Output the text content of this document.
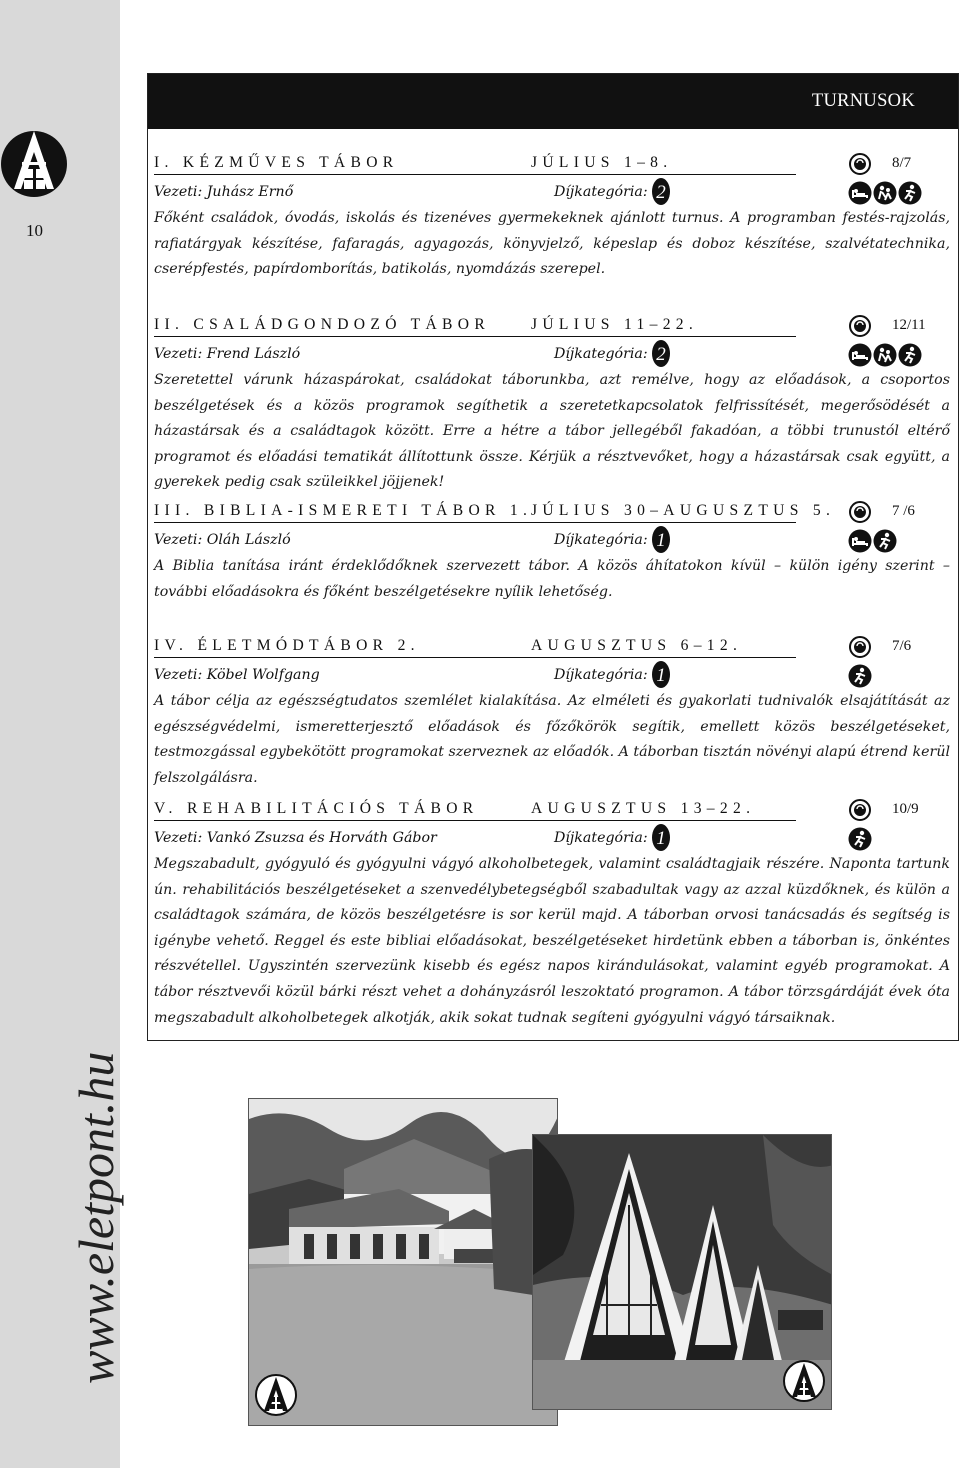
10
www.eletpont.hu
TURNUSOK
I. KÉZMŰVES TÁBOR	JÚLIUS 1–8.	8/7
Vezeti: Juhász Ernő	Díjkategória: 2

Főként családok, óvodás, iskolás és tizenéves gyermekeknek ajánlott turnus. A programban festés-rajzolás, rafiatárgyak készítése, fafaragás, agyagozás, könyvjelző, képeslap és doboz készítése, szalvétatechnika, cserépfestés, papírdomborítás, batikolás, nyomdázás szerepel.

II. CSALÁDGONDOZÓ TÁBOR	JÚLIUS 11–22.	12/11
Vezeti: Frend László	Díjkategória: 2

Szeretettel várunk házaspárokat, családokat táborunkba, azt remélve, hogy az előadások, a csoportos beszélgetések és a közös programok segíthetik a szeretetkapcsolatok felfrissítését, megerősödését a házastársak és a családtagok között. Erre a hétre a tábor jellegéből fakadóan, a többi trunustól eltérő programot és előadási tematikát állítottunk össze. Kérjük a résztvevőket, hogy a házastársak csak együtt, a gyerekek pedig csak szüleikkel jöjjenek!

III. BIBLIA-ISMERETI TÁBOR 1.
JÚLIUS 30–AUGUSZTUS 5.	7 /6
Vezeti: Oláh László	Díjkategória: 1

A Biblia tanítása iránt érdeklődőknek szervezett tábor. A közös áhítatokon kívül – külön igény szerint – további előadásokra és főként beszélgetésekre nyílik lehetőség.

IV. ÉLETMÓDTÁBOR 2.	AUGUSZTUS 6–12.	7/6
Vezeti: Köbel Wolfgang	Díjkategória: 1

A tábor célja az egészségtudatos szemlélet kialakítása. Az elméleti és gyakorlati tudnivalók elsajátítását az egészségvédelmi, ismeretterjesztő előadások és főzőkörök segítik, emellett közös beszélgetéseket, testmozgással egybekötött programokat szerveznek az előadók. A táborban tisztán növényi alapú étrend kerül felszolgálásra.

V. REHABILITÁCIÓS TÁBOR	AUGUSZTUS 13–22.	10/9
Vezeti: Vankó Zsuzsa és Horváth Gábor	Díjkategória: 1

Megszabadult, gyógyuló és gyógyulni vágyó alkoholbetegek, valamint családtagjaik részére. Naponta tartunk ún. rehabilitációs beszélgetéseket a szenvedélybetegségből szabadultak vagy az azzal küzdőknek, és külön a családtagok számára, de közös beszélgetésre is sor kerül majd. A táborban orvosi tanácsadás és segítség is igénybe vehető. Reggel és este bibliai előadásokat, beszélgetéseket hirdetünk ebben a táborban is, önkéntes részvétellel. Ugyszintén szervezünk kisebb és egész napos kirándulásokat, valamint egyéb programokat. A tábor résztvevői közül bárki részt vehet a dohányzásról leszoktató programon. A tábor törzsgárdáját évek óta megszabadult alkoholbetegek alkotják, akik sokat tudnak segíteni gyógyulni vágyó társaiknak.
